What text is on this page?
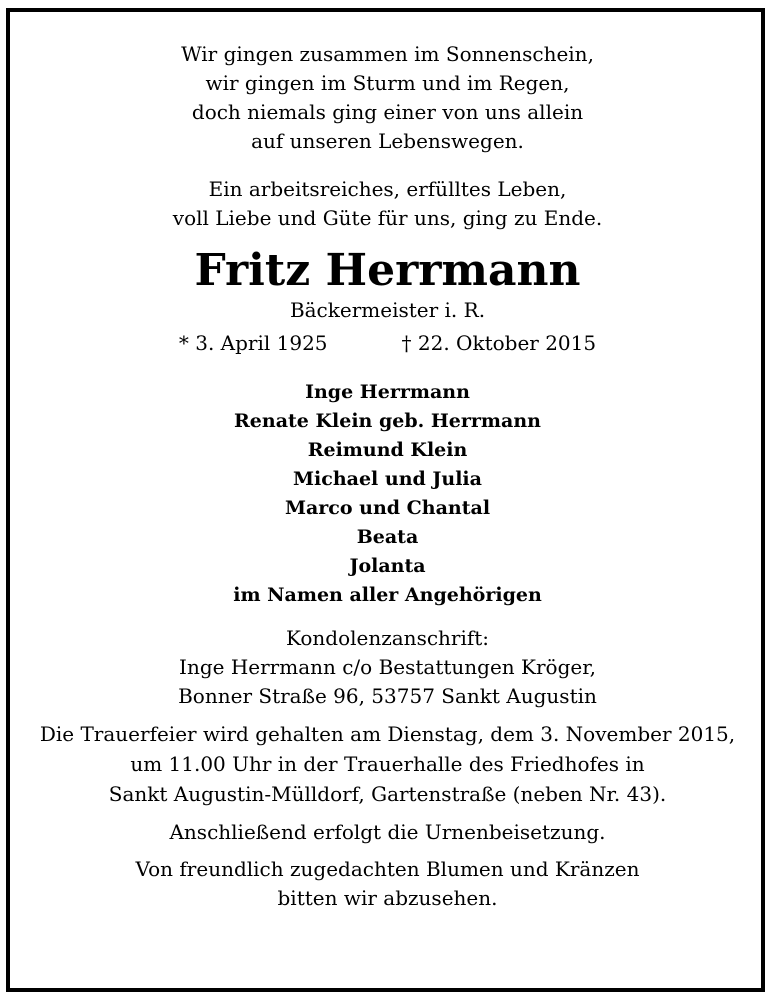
Wir gingen zusammen im Sonnenschein,
wir gingen im Sturm und im Regen,
doch niemals ging einer von uns allein
auf unseren Lebenswegen.
Ein arbeitsreiches, erfülltes Leben,
voll Liebe und Güte für uns, ging zu Ende.
Fritz Herrmann
Bäckermeister i. R.
* 3. April 1925	† 22. Oktober 2015
Inge Herrmann
Renate Klein geb. Herrmann
Reimund Klein
Michael und Julia
Marco und Chantal
Beata
Jolanta
im Namen aller Angehörigen
Kondolenzanschrift:
Inge Herrmann c/o Bestattungen Kröger,
Bonner Straße 96, 53757 Sankt Augustin
Die Trauerfeier wird gehalten am Dienstag, dem 3. November 2015,
um 11.00 Uhr in der Trauerhalle des Friedhofes in
Sankt Augustin-Mülldorf, Gartenstraße (neben Nr. 43).
Anschließend erfolgt die Urnenbeisetzung.
Von freundlich zugedachten Blumen und Kränzen
bitten wir abzusehen.
